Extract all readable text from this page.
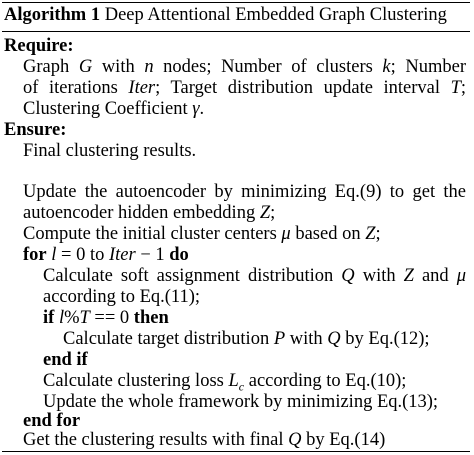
Algorithm 1 Deep Attentional Embedded Graph Clustering
Require:
Graph G with n nodes; Number of clusters k; Number
of iterations Iter; Target distribution update interval T;
Clustering Coefficient γ.
Ensure:
Final clustering results.
Update the autoencoder by minimizing Eq.(9) to get the
autoencoder hidden embedding Z;
Compute the initial cluster centers μ based on Z;
for l = 0 to Iter − 1 do
Calculate soft assignment distribution Q with Z and μ
according to Eq.(11);
if l%T == 0 then
Calculate target distribution P with Q by Eq.(12);
end if
Calculate clustering loss $L_c$ according to Eq.(10);
Update the whole framework by minimizing Eq.(13);
end for
Get the clustering results with final Q by Eq.(14)
